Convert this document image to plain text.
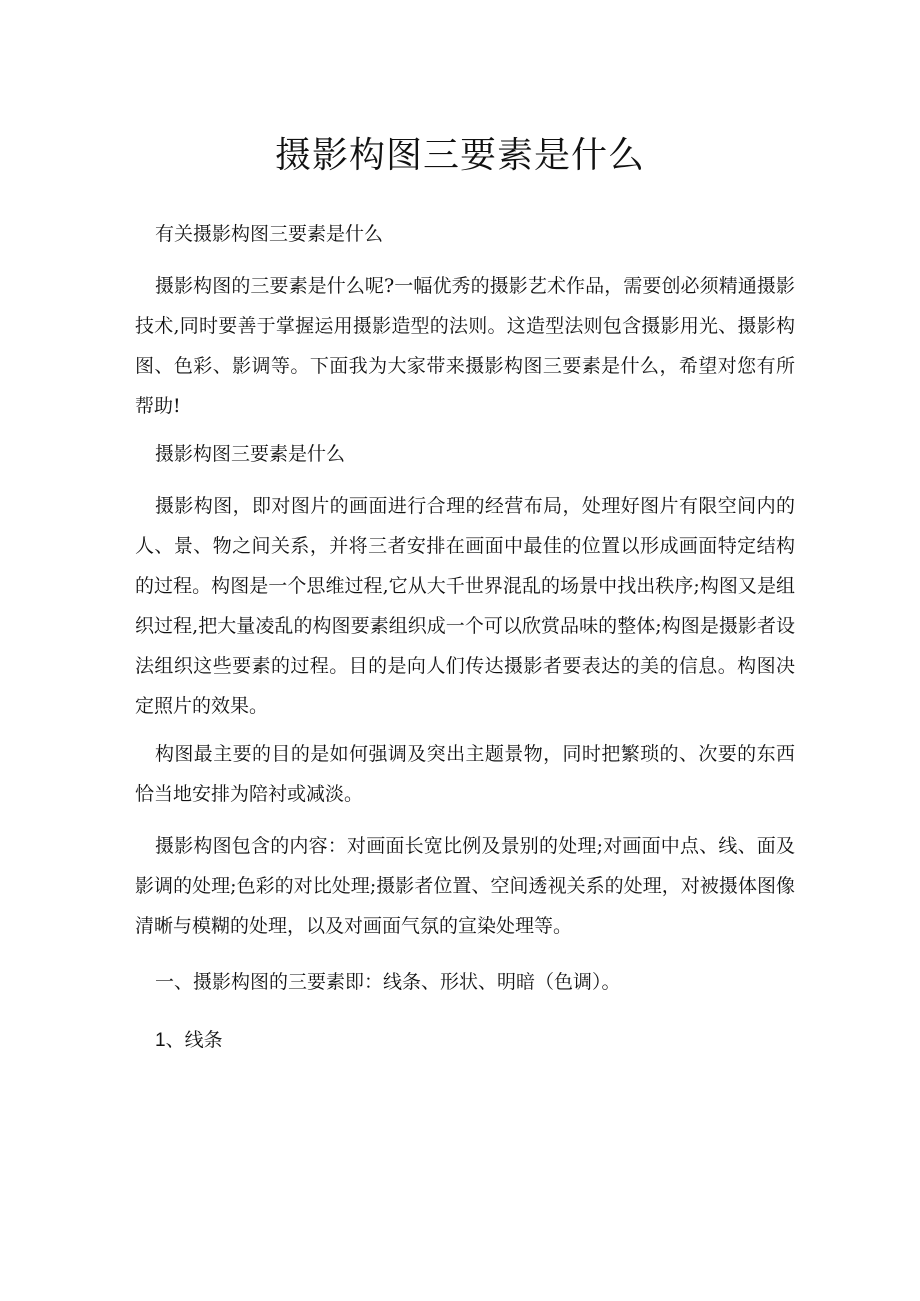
摄影构图三要素是什么

有关摄影构图三要素是什么

摄影构图的三要素是什么呢?一幅优秀的摄影艺术作品，需要创必须精通摄影技术,同时要善于掌握运用摄影造型的法则。这造型法则包含摄影用光、摄影构图、色彩、影调等。下面我为大家带来摄影构图三要素是什么，希望对您有所帮助!

摄影构图三要素是什么

摄影构图，即对图片的画面进行合理的经营布局，处理好图片有限空间内的人、景、物之间关系，并将三者安排在画面中最佳的位置以形成画面特定结构的过程。构图是一个思维过程,它从大千世界混乱的场景中找出秩序;构图又是组织过程,把大量凌乱的构图要素组织成一个可以欣赏品味的整体;构图是摄影者设法组织这些要素的过程。目的是向人们传达摄影者要表达的美的信息。构图决定照片的效果。

构图最主要的目的是如何强调及突出主题景物，同时把繁琐的、次要的东西恰当地安排为陪衬或减淡。

摄影构图包含的内容：对画面长宽比例及景别的处理;对画面中点、线、面及影调的处理;色彩的对比处理;摄影者位置、空间透视关系的处理，对被摄体图像清晰与模糊的处理，以及对画面气氛的宣染处理等。

一、摄影构图的三要素即：线条、形状、明暗（色调）。

1、线条
